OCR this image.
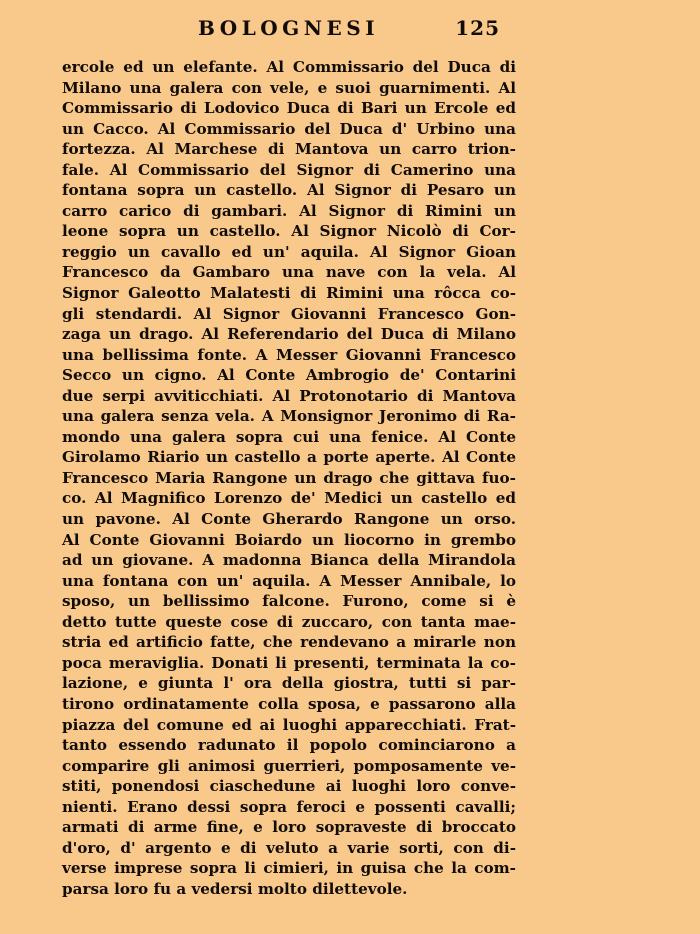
BOLOGNESI	125
ercole ed un elefante. Al Commissario del Duca di
Milano una galera con vele, e suoi guarnimenti. Al
Commissario di Lodovico Duca di Bari un Ercole ed
un Cacco. Al Commissario del Duca d' Urbino una
fortezza. Al Marchese di Mantova un carro trion-
fale. Al Commissario del Signor di Camerino una
fontana sopra un castello. Al Signor di Pesaro un
carro carico di gambari. Al Signor di Rimini un
leone sopra un castello. Al Signor Nicolò di Cor-
reggio un cavallo ed un' aquila. Al Signor Gioan
Francesco da Gambaro una nave con la vela. Al
Signor Galeotto Malatesti di Rimini una rôcca co-
gli stendardi. Al Signor Giovanni Francesco Gon-
zaga un drago. Al Referendario del Duca di Milano
una bellissima fonte. A Messer Giovanni Francesco
Secco un cigno. Al Conte Ambrogio de' Contarini
due serpi avviticchiati. Al Protonotario di Mantova
una galera senza vela. A Monsignor Jeronimo di Ra-
mondo una galera sopra cui una fenice. Al Conte
Girolamo Riario un castello a porte aperte. Al Conte
Francesco Maria Rangone un drago che gittava fuo-
co. Al Magnifico Lorenzo de' Medici un castello ed
un pavone. Al Conte Gherardo Rangone un orso.
Al Conte Giovanni Boiardo un liocorno in grembo
ad un giovane. A madonna Bianca della Mirandola
una fontana con un' aquila. A Messer Annibale, lo
sposo, un bellissimo falcone. Furono, come si è
detto tutte queste cose di zuccaro, con tanta mae-
stria ed artificio fatte, che rendevano a mirarle non
poca meraviglia. Donati li presenti, terminata la co-
lazione, e giunta l' ora della giostra, tutti si par-
tirono ordinatamente colla sposa, e passarono alla
piazza del comune ed ai luoghi apparecchiati. Frat-
tanto essendo radunato il popolo cominciarono a
comparire gli animosi guerrieri, pomposamente ve-
stiti, ponendosi ciaschedune ai luoghi loro conve-
nienti. Erano dessi sopra feroci e possenti cavalli;
armati di arme fine, e loro sopraveste di broccato
d'oro, d' argento e di veluto a varie sorti, con di-
verse imprese sopra li cimieri, in guisa che la com-
parsa loro fu a vedersi molto dilettevole.
